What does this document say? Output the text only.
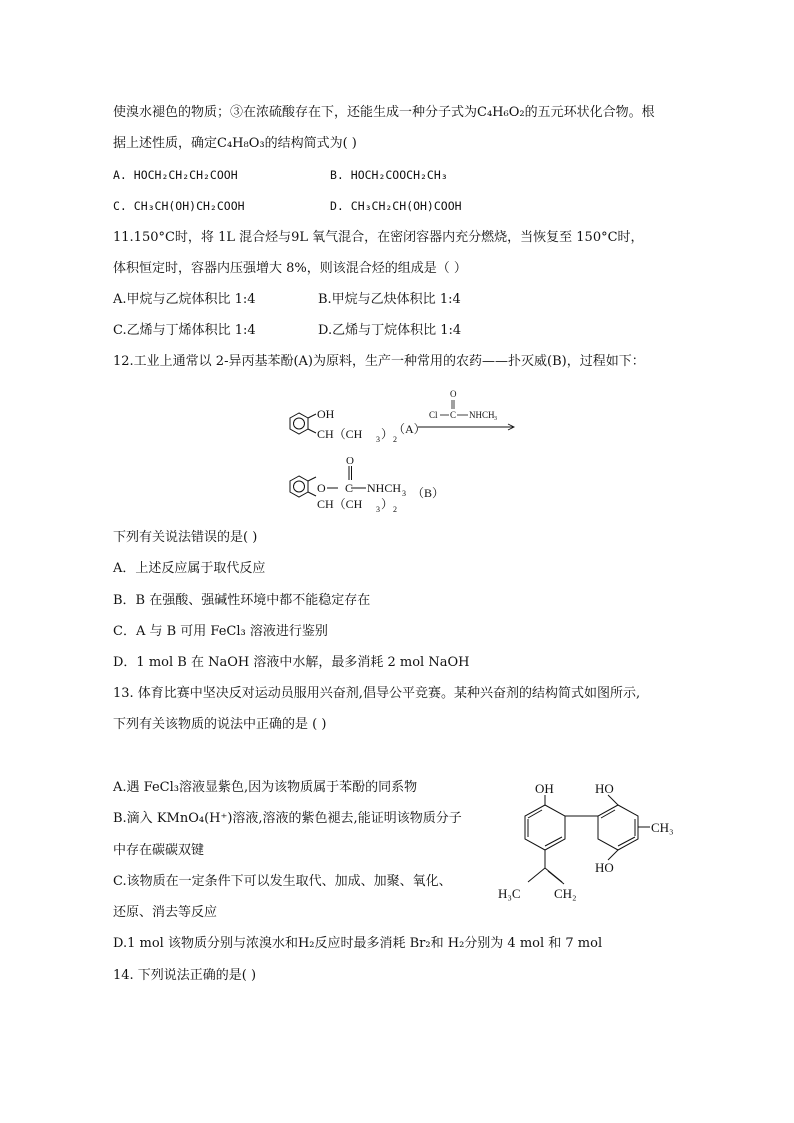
使溴水褪色的物质；③在浓硫酸存在下，还能生成一种分子式为C₄H₆O₂的五元环状化合物。根
据上述性质，确定C₄H₈O₃的结构简式为( )
A. HOCH₂CH₂CH₂COOH	B. HOCH₂COOCH₂CH₃
C. CH₃CH(OH)CH₂COOH	D. CH₃CH₂CH(OH)COOH
11.150°C时，将 1L 混合烃与9L 氧气混合，在密闭容器内充分燃烧，当恢复至 150°C时，
体积恒定时，容器内压强增大 8%，则该混合烃的组成是（ ）
A.甲烷与乙烷体积比 1:4	B.甲烷与乙炔体积比 1:4
C.乙烯与丁烯体积比 1:4	D.乙烯与丁烷体积比 1:4
12.工业上通常以 2-异丙基苯酚(A)为原料，生产一种常用的农药——扑灭威(B)，过程如下：
OH
CH（CH 3 ） 2
（A）
O
Cl C NHCH 3
O C
O
NHCH 3 （B）
CH（CH 3 ） 2
下列有关说法错误的是( )
A．上述反应属于取代反应
B．B 在强酸、强碱性环境中都不能稳定存在
C．A 与 B 可用 FeCl₃ 溶液进行鉴别
D．1 mol B 在 NaOH 溶液中水解，最多消耗 2 mol NaOH
13. 体育比赛中坚决反对运动员服用兴奋剂,倡导公平竞赛。某种兴奋剂的结构简式如图所示,
下列有关该物质的说法中正确的是 ( )
A.遇 FeCl₃溶液显紫色,因为该物质属于苯酚的同系物
B.滴入 KMnO₄(H⁺)溶液,溶液的紫色褪去,能证明该物质分子
中存在碳碳双键
C.该物质在一定条件下可以发生取代、加成、加聚、氧化、
还原、消去等反应
D.1 mol 该物质分别与浓溴水和H₂反应时最多消耗 Br₂和 H₂分别为 4 mol 和 7 mol
OH	HO
HO
CH₃
H₃C	CH₂
14. 下列说法正确的是( )
